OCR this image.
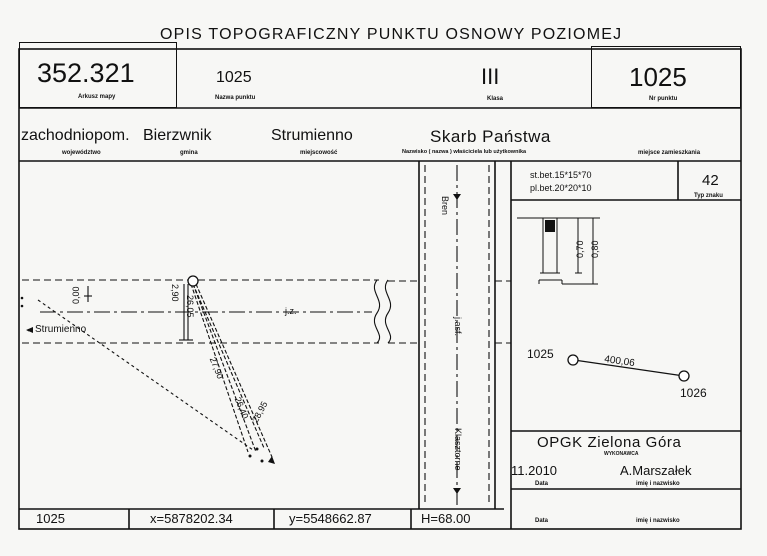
OPIS TOPOGRAFICZNY PUNKTU OSNOWY POZIOMEJ
352.321
Arkusz mapy
1025
Nazwa punktu
III
Klasa
1025
Nr punktu
zachodniopom. Bierzwnik
województwo	gmina
Strumienno
miejscowość
Skarb Państwa
Nazwisko ( nazwa ) właściciela lub użytkownika	miejsce zamieszkania
←Strumienno
j.z.
Bren
j.asf.
Klasztorne
0,00	2,90
26,05
27,90
26,40 28,95
st.bet.15*15*70
pl.bet.20*20*10	42
Typ znaku
0,70 0,80
1025
400,06
1026
OPGK Zielona Góra
WYKONAWCA
11.2010	A.Marszałek
Data	imię i nazwisko
Data	imię i nazwisko
1025	x=5878202.34	y=5548662.87	H=68.00
